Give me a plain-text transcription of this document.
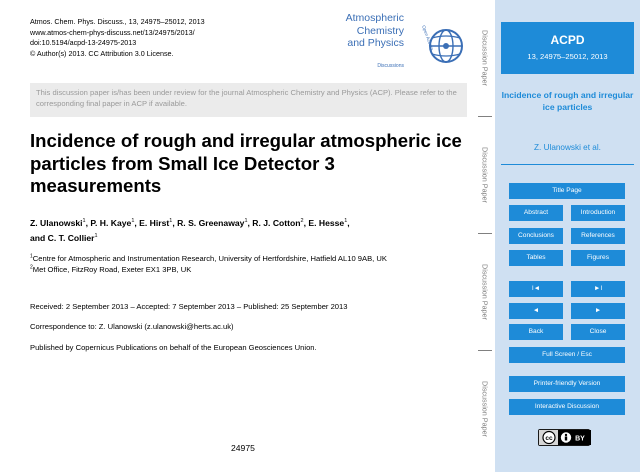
Atmos. Chem. Phys. Discuss., 13, 24975–25012, 2013
www.atmos-chem-phys-discuss.net/13/24975/2013/
doi:10.5194/acpd-13-24975-2013
© Author(s) 2013. CC Attribution 3.0 License.
Atmospheric
Chemistry
and Physics
Discussions
Open Access
This discussion paper is/has been under review for the journal Atmospheric Chemistry and Physics (ACP). Please refer to the corresponding final paper in ACP if available.
Incidence of rough and irregular atmospheric ice particles from Small Ice Detector 3 measurements
Z. Ulanowski$^1$, P. H. Kaye$^1$, E. Hirst$^1$, R. S. Greenaway$^1$, R. J. Cotton$^2$, E. Hesse$^1$,
and C. T. Collier$^1$

$^1$Centre for Atmospheric and Instrumentation Research, University of Hertfordshire, Hatfield AL10 9AB, UK

$^2$Met Office, FitzRoy Road, Exeter EX1 3PB, UK

Received: 2 September 2013 – Accepted: 7 September 2013 – Published: 25 September 2013
Correspondence to: Z. Ulanowski (z.ulanowski@herts.ac.uk)
Published by Copernicus Publications on behalf of the European Geosciences Union.
24975
Discussion Paper
Discussion Paper
Discussion Paper
Discussion Paper
ACPD
13, 24975–25012, 2013
Incidence of rough and irregular ice particles
Z. Ulanowski et al.
Title Page
Abstract	Introduction
Conclusions	References
Tables	Figures
I◄	►I
◄	►
Back	Close
Full Screen / Esc
Printer-friendly Version
Interactive Discussion
cc	BY
